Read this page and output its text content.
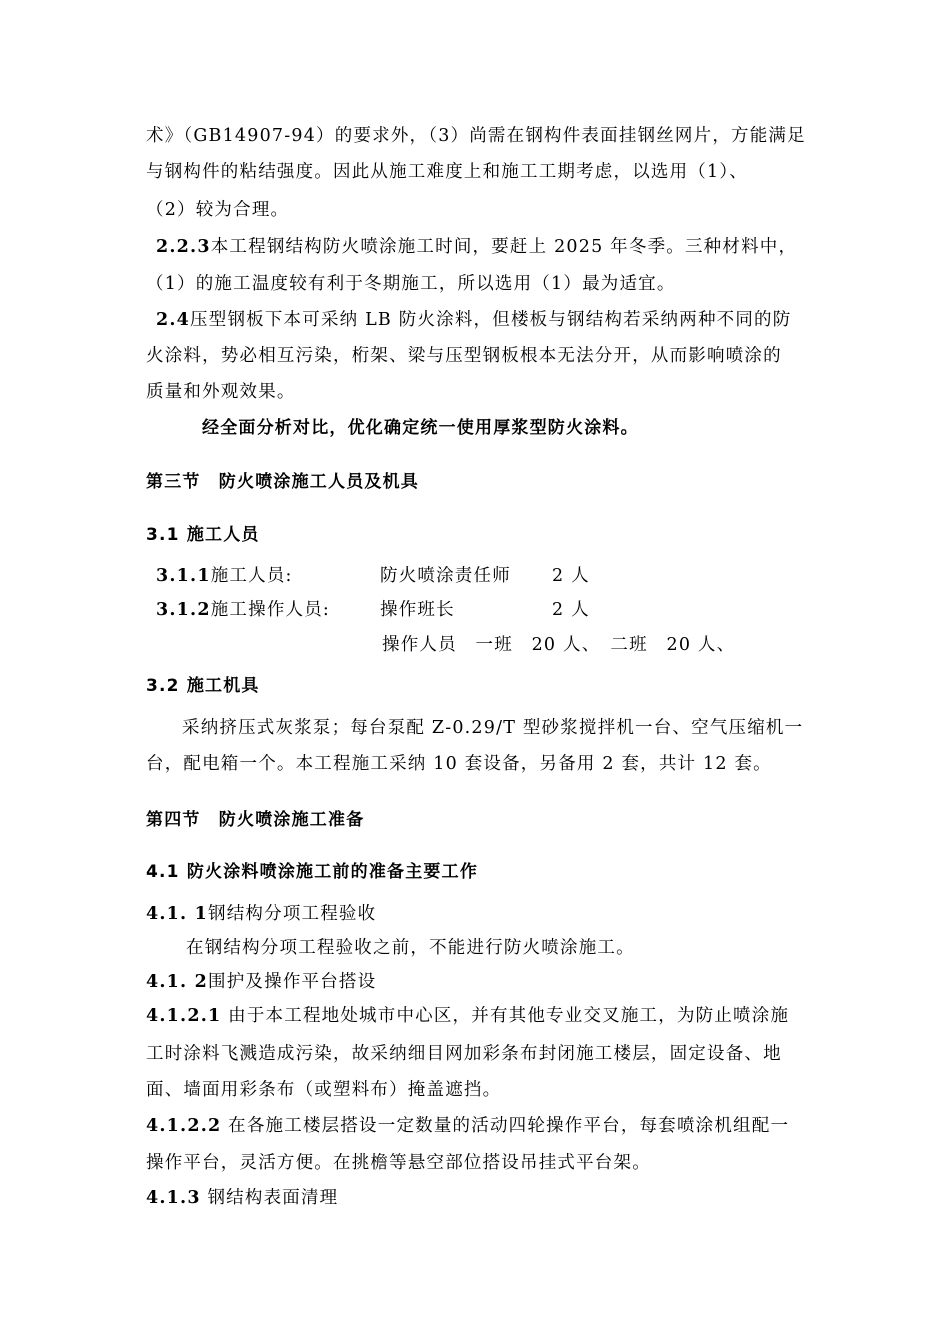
术》（GB14907-94）的要求外，（3）尚需在钢构件表面挂钢丝网片，方能满足
与钢构件的粘结强度。因此从施工难度上和施工工期考虑，以选用（1）、
（2）较为合理。
2.2.3本工程钢结构防火喷涂施工时间，要赶上 2025 年冬季。三种材料中，
（1）的施工温度较有利于冬期施工，所以选用（1）最为适宜。
2.4压型钢板下本可采纳 LB 防火涂料，但楼板与钢结构若采纳两种不同的防
火涂料，势必相互污染，桁架、梁与压型钢板根本无法分开，从而影响喷涂的
质量和外观效果。
经全面分析对比，优化确定统一使用厚浆型防火涂料。
第三节　防火喷涂施工人员及机具
3.1 施工人员
3.1.1施工人员:	防火喷涂责任师 2 人
3.1.2施工操作人员:	操作班长	2 人
操作人员　一班　20 人、　二班　20 人、
3.2 施工机具
采纳挤压式灰浆泵；每台泵配 Z-0.29/T 型砂浆搅拌机一台、空气压缩机一
台，配电箱一个。本工程施工采纳 10 套设备，另备用 2 套，共计 12 套。
第四节　防火喷涂施工准备
4.1 防火涂料喷涂施工前的准备主要工作
4.1. 1钢结构分项工程验收
在钢结构分项工程验收之前，不能进行防火喷涂施工。
4.1. 2围护及操作平台搭设
4.1.2.1 由于本工程地处城市中心区，并有其他专业交叉施工，为防止喷涂施
工时涂料飞溅造成污染，故采纳细目网加彩条布封闭施工楼层，固定设备、地
面、墙面用彩条布（或塑料布）掩盖遮挡。
4.1.2.2 在各施工楼层搭设一定数量的活动四轮操作平台，每套喷涂机组配一
操作平台，灵活方便。在挑檐等悬空部位搭设吊挂式平台架。
4.1.3 钢结构表面清理
